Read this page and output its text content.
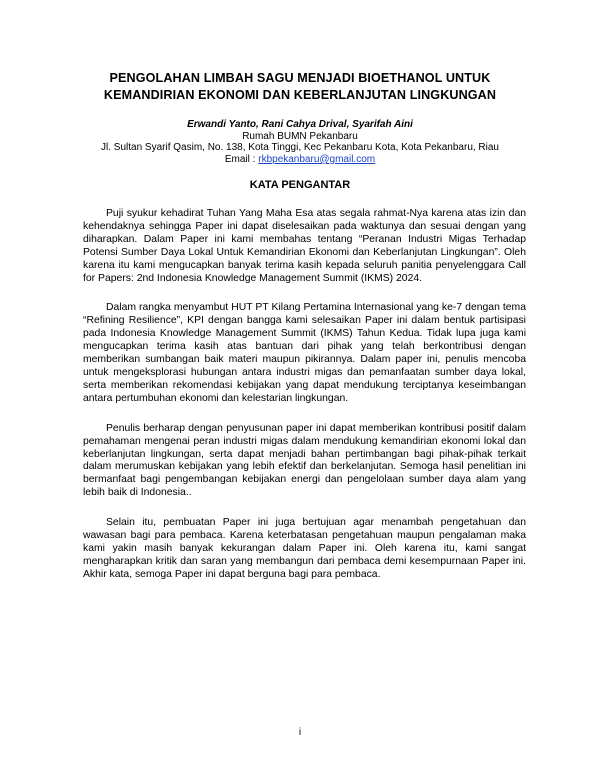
PENGOLAHAN LIMBAH SAGU MENJADI BIOETHANOL UNTUK
KEMANDIRIAN EKONOMI DAN KEBERLANJUTAN LINGKUNGAN
Erwandi Yanto, Rani Cahya Drival, Syarifah Aini
Rumah BUMN Pekanbaru
Jl. Sultan Syarif Qasim, No. 138, Kota Tinggi, Kec Pekanbaru Kota, Kota Pekanbaru, Riau
Email : rkbpekanbaru@gmail.com
KATA PENGANTAR

Puji syukur kehadirat Tuhan Yang Maha Esa atas segala rahmat-Nya karena atas izin dan kehendaknya sehingga Paper ini dapat diselesaikan pada waktunya dan sesuai dengan yang diharapkan. Dalam Paper ini kami membahas tentang “Peranan Industri Migas Terhadap Potensi Sumber Daya Lokal Untuk Kemandirian Ekonomi dan Keberlanjutan Lingkungan”. Oleh karena itu kami mengucapkan banyak terima kasih kepada seluruh panitia penyelenggara Call for Papers: 2nd Indonesia Knowledge Management Summit (IKMS) 2024.

Dalam rangka menyambut HUT PT Kilang Pertamina Internasional yang ke-7 dengan tema “Refining Resilience”, KPI dengan bangga kami selesaikan Paper ini dalam bentuk partisipasi pada Indonesia Knowledge Management Summit (IKMS) Tahun Kedua. Tidak lupa juga kami mengucapkan terima kasih atas bantuan dari pihak yang telah berkontribusi dengan memberikan sumbangan baik materi maupun pikirannya. Dalam paper ini, penulis mencoba untuk mengeksplorasi hubungan antara industri migas dan pemanfaatan sumber daya lokal, serta memberikan rekomendasi kebijakan yang dapat mendukung terciptanya keseimbangan antara pertumbuhan ekonomi dan kelestarian lingkungan.

Penulis berharap dengan penyusunan paper ini dapat memberikan kontribusi positif dalam pemahaman mengenai peran industri migas dalam mendukung kemandirian ekonomi lokal dan keberlanjutan lingkungan, serta dapat menjadi bahan pertimbangan bagi pihak-pihak terkait dalam merumuskan kebijakan yang lebih efektif dan berkelanjutan. Semoga hasil penelitian ini bermanfaat bagi pengembangan kebijakan energi dan pengelolaan sumber daya alam yang lebih baik di Indonesia..

Selain itu, pembuatan Paper ini juga bertujuan agar menambah pengetahuan dan wawasan bagi para pembaca. Karena keterbatasan pengetahuan maupun pengalaman maka kami yakin masih banyak kekurangan dalam Paper ini. Oleh karena itu, kami sangat mengharapkan kritik dan saran yang membangun dari pembaca demi kesempurnaan Paper ini. Akhir kata, semoga Paper ini dapat berguna bagi para pembaca.

i
